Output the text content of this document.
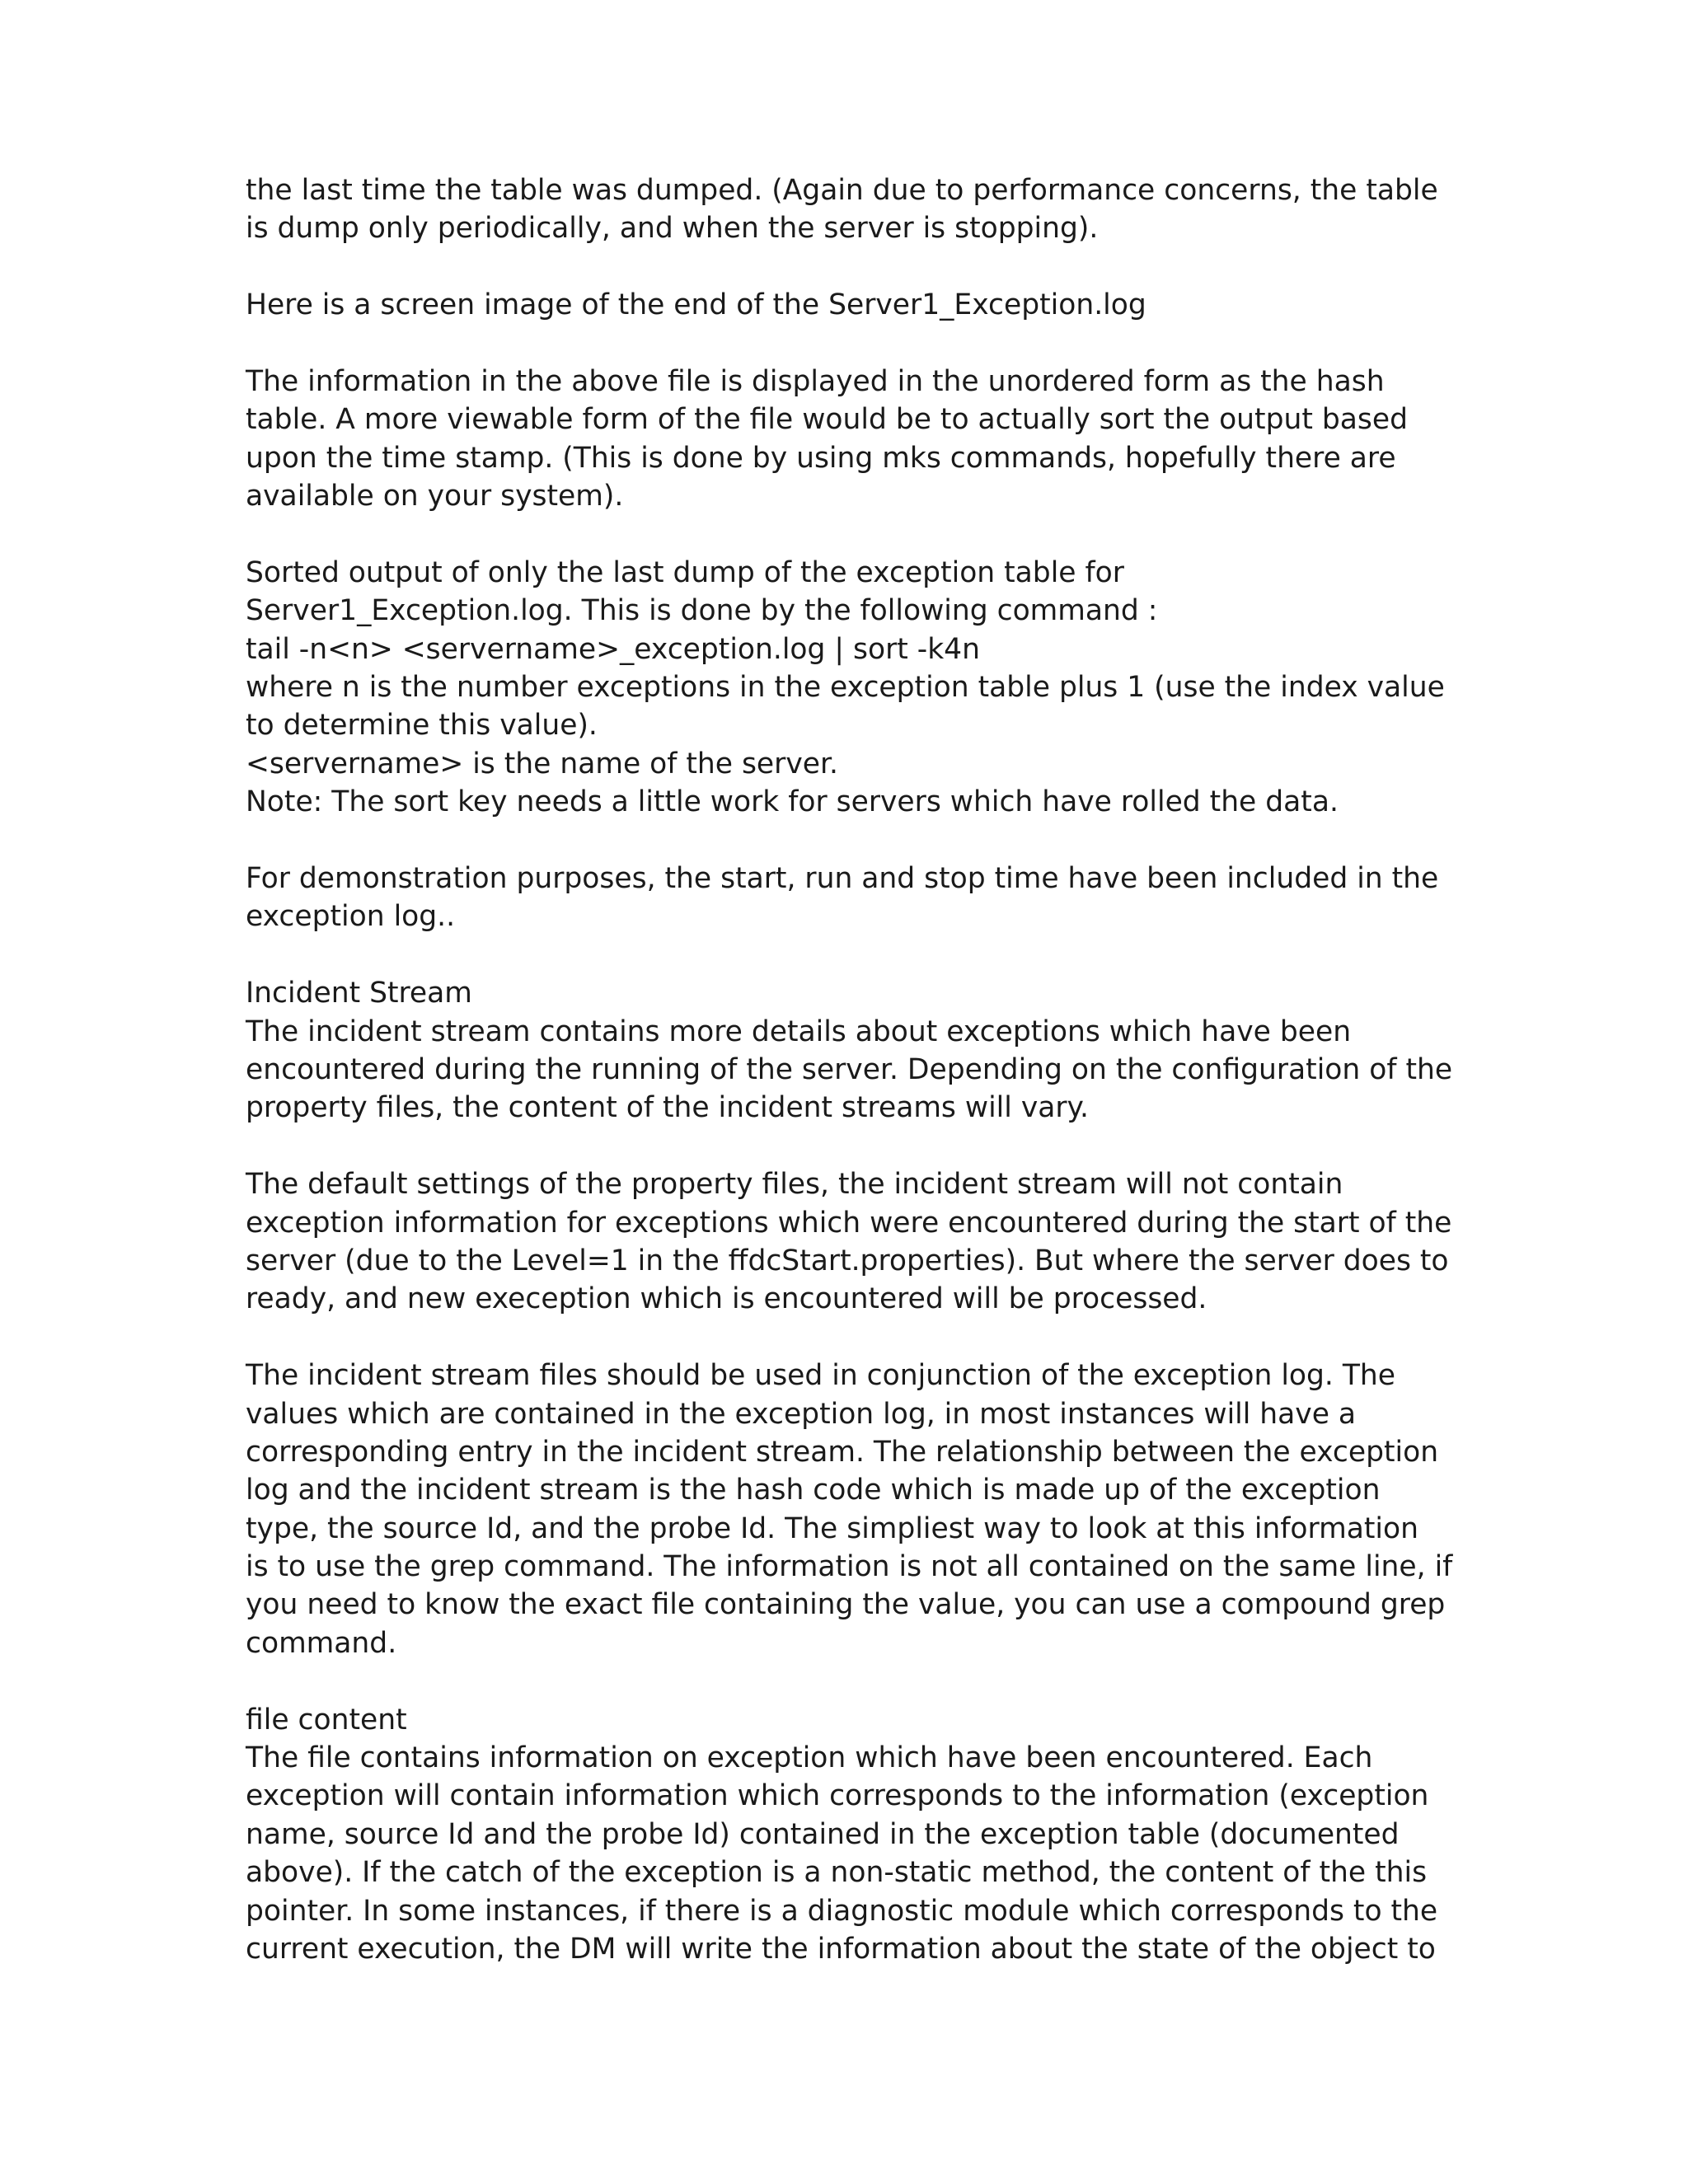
the last time the table was dumped. (Again due to performance concerns, the table
is dump only periodically, and when the server is stopping).
Here is a screen image of the end of the Server1_Exception.log
The information in the above file is displayed in the unordered form as the hash
table. A more viewable form of the file would be to actually sort the output based
upon the time stamp. (This is done by using mks commands, hopefully there are
available on your system).
Sorted output of only the last dump of the exception table for
Server1_Exception.log. This is done by the following command :
tail -n<n> <servername>_exception.log | sort -k4n
where n is the number exceptions in the exception table plus 1 (use the index value
to determine this value).
<servername> is the name of the server.
Note: The sort key needs a little work for servers which have rolled the data.
For demonstration purposes, the start, run and stop time have been included in the
exception log..
Incident Stream
The incident stream contains more details about exceptions which have been
encountered during the running of the server. Depending on the configuration of the
property files, the content of the incident streams will vary.
The default settings of the property files, the incident stream will not contain
exception information for exceptions which were encountered during the start of the
server (due to the Level=1 in the ffdcStart.properties). But where the server does to
ready, and new exeception which is encountered will be processed.
The incident stream files should be used in conjunction of the exception log. The
values which are contained in the exception log, in most instances will have a
corresponding entry in the incident stream. The relationship between the exception
log and the incident stream is the hash code which is made up of the exception
type, the source Id, and the probe Id. The simpliest way to look at this information
is to use the grep command. The information is not all contained on the same line, if
you need to know the exact file containing the value, you can use a compound grep
command.
file content
The file contains information on exception which have been encountered. Each
exception will contain information which corresponds to the information (exception
name, source Id and the probe Id) contained in the exception table (documented
above). If the catch of the exception is a non-static method, the content of the this
pointer. In some instances, if there is a diagnostic module which corresponds to the
current execution, the DM will write the information about the state of the object to
